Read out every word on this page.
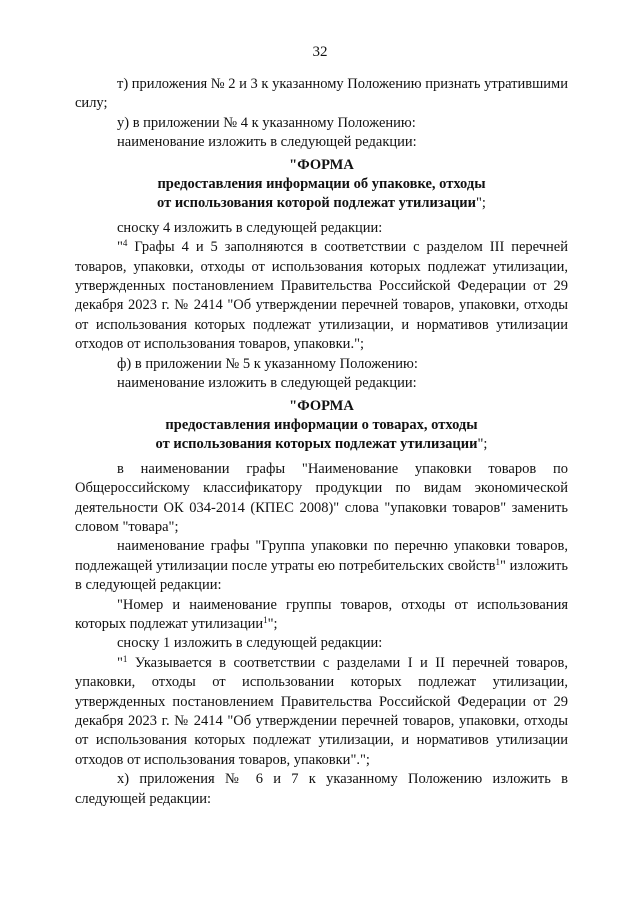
32

т) приложения № 2 и 3 к указанному Положению признать утратившими силу;

у) в приложении № 4 к указанному Положению:

наименование изложить в следующей редакции:

"ФОРМА

предоставления информации об упаковке, отходы

от использования которой подлежат утилизации";

сноску 4 изложить в следующей редакции:

"$^4$ Графы 4 и 5 заполняются в соответствии с разделом III перечней товаров, упаковки, отходы от использования которых подлежат утилизации, утвержденных постановлением Правительства Российской Федерации от 29 декабря 2023 г. № 2414 "Об утверждении перечней товаров, упаковки, отходы от использования которых подлежат утилизации, и нормативов утилизации отходов от использования товаров, упаковки.";

ф) в приложении № 5 к указанному Положению:

наименование изложить в следующей редакции:

"ФОРМА

предоставления информации о товарах, отходы

от использования которых подлежат утилизации";

в наименовании графы "Наименование упаковки товаров по Общероссийскому классификатору продукции по видам экономической деятельности ОК 034-2014 (КПЕС 2008)" слова "упаковки товаров" заменить словом "товара";

наименование графы "Группа упаковки по перечню упаковки товаров, подлежащей утилизации после утраты ею потребительских свойств$^1$" изложить в следующей редакции:

"Номер и наименование группы товаров, отходы от использования которых подлежат утилизации$^1$";

сноску 1 изложить в следующей редакции:

"$^1$ Указывается в соответствии с разделами I и II перечней товаров, упаковки, отходы от использовании которых подлежат утилизации, утвержденных постановлением Правительства Российской Федерации от 29 декабря 2023 г. № 2414 "Об утверждении перечней товаров, упаковки, отходы от использования которых подлежат утилизации, и нормативов утилизации отходов от использования товаров, упаковки".";

х) приложения № 6 и 7 к указанному Положению изложить в следующей редакции:
